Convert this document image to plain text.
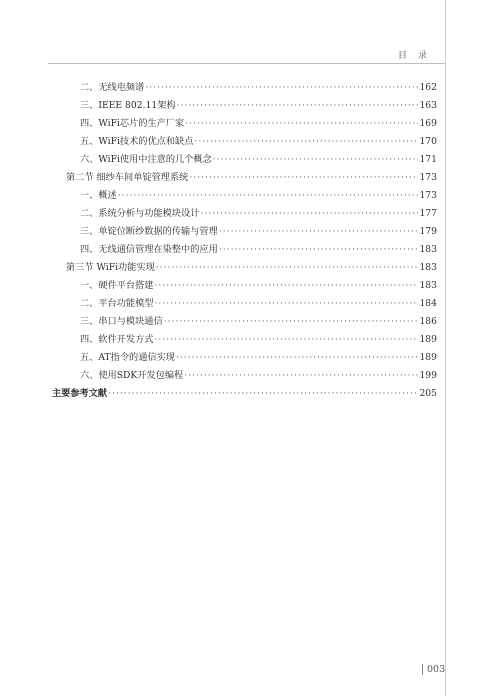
目 录
二、无线电频谱 ·····	162
三、IEEE 802.11架构 ·····	163
四、WiFi芯片的生产厂家 ·····	169
五、WiFi技术的优点和缺点 ·····	170
六、WiFi使用中注意的几个概念 ·····	171
第二节 细纱车间单锭管理系统 ·····	173
一、概述 ·····	173
二、系统分析与功能模块设计 ·····	177
三、单锭位断纱数据的传输与管理 ·····	179
四、无线通信管理在染整中的应用 ·····	183
第三节 WiFi功能实现 ·····	183
一、硬件平台搭建 ·····	183
二、平台功能模型 ·····	184
三、串口与模块通信 ·····	186
四、软件开发方式 ·····	189
五、AT指令的通信实现 ·····	189
六、使用SDK开发包编程 ·····	199
主要参考文献 ·····	205
003
